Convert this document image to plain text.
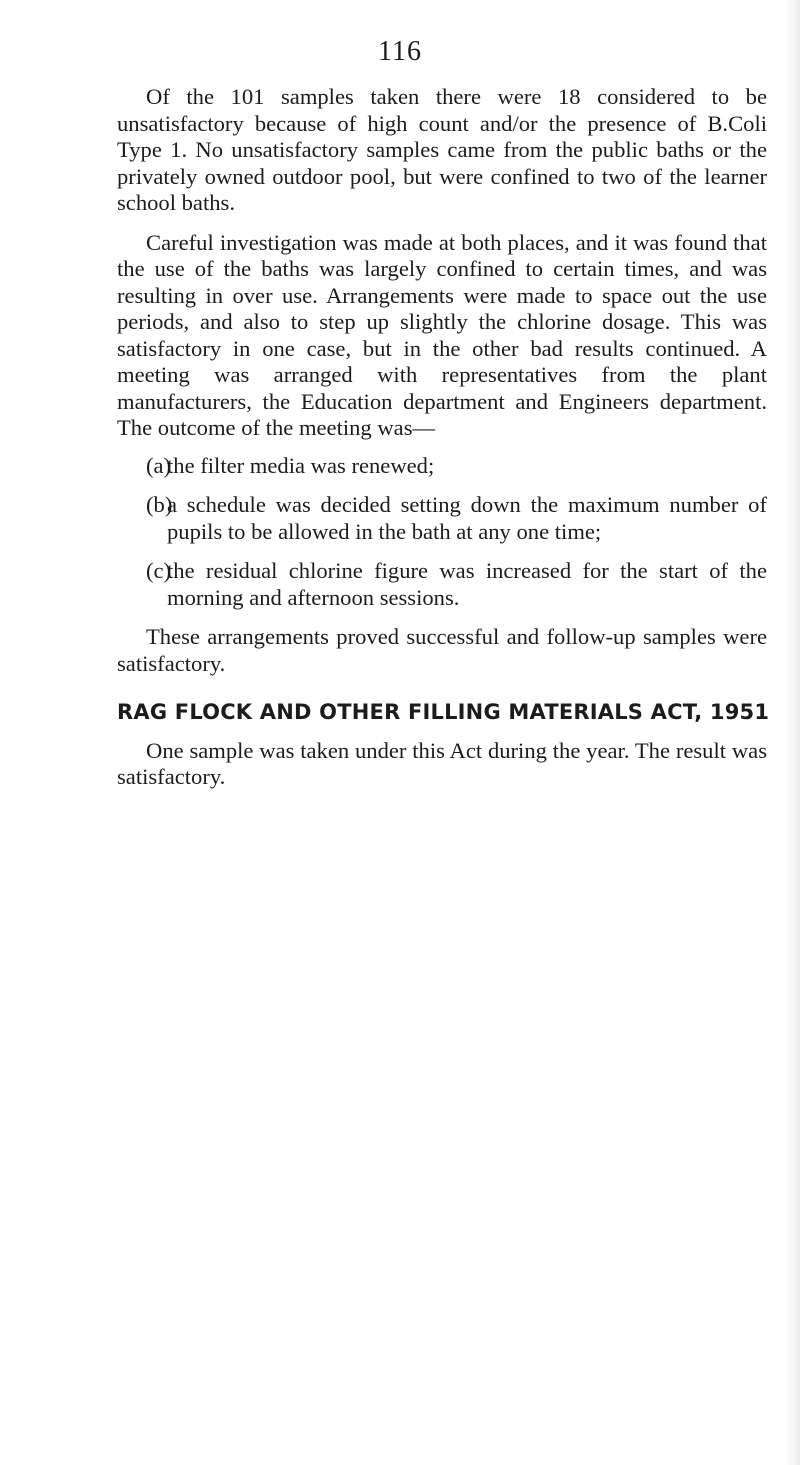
116

Of the 101 samples taken there were 18 considered to be unsatisfactory because of high count and/or the presence of B.Coli Type 1. No unsatisfactory samples came from the public baths or the privately owned outdoor pool, but were confined to two of the learner school baths.

Careful investigation was made at both places, and it was found that the use of the baths was largely confined to certain times, and was resulting in over use. Arrangements were made to space out the use periods, and also to step up slightly the chlorine dosage. This was satisfactory in one case, but in the other bad results continued. A meeting was arranged with representatives from the plant manufacturers, the Education department and Engineers department. The outcome of the meeting was—

(a)
the filter media was renewed;
(b)
a schedule was decided setting down the maximum number of pupils to be allowed in the bath at any one time;
(c)
the residual chlorine figure was increased for the start of the morning and afternoon sessions.

These arrangements proved successful and follow-up samples were satisfactory.

RAG FLOCK AND OTHER FILLING MATERIALS ACT, 1951

One sample was taken under this Act during the year. The result was satisfactory.
